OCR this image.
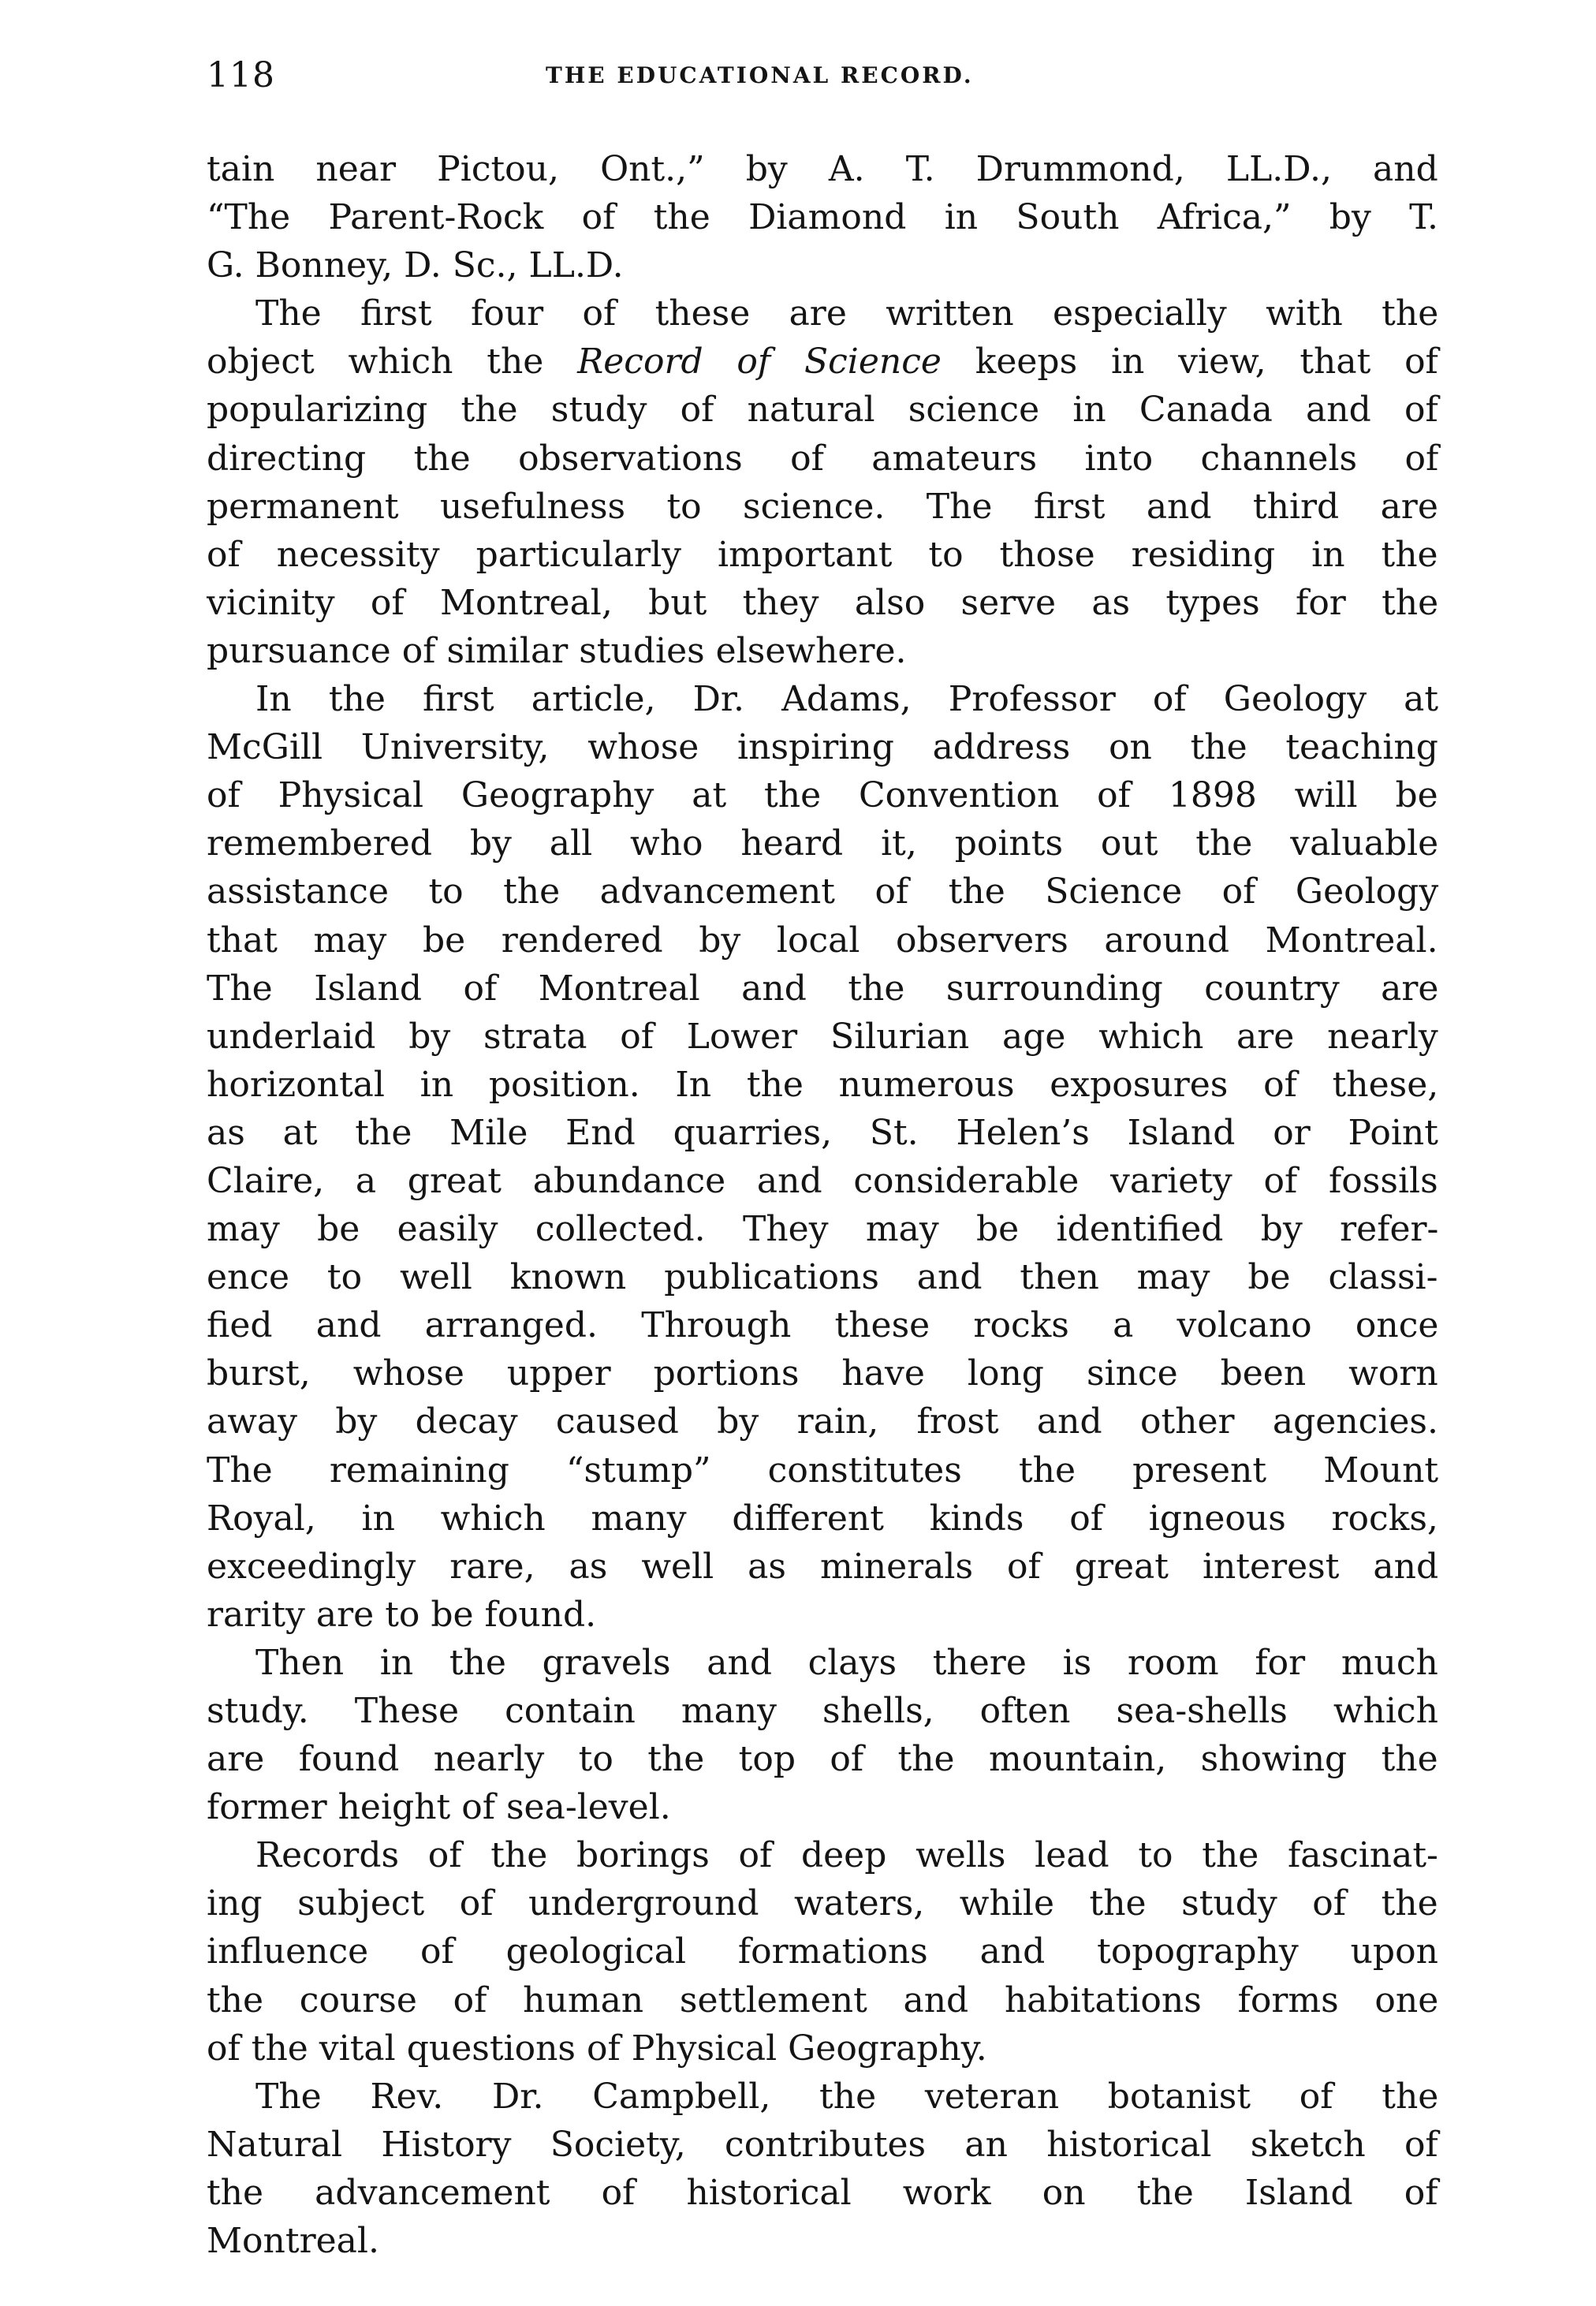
118	THE EDUCATIONAL RECORD.
tain near Pictou, Ont.,” by A. T. Drummond, LL.D., and
“The Parent-Rock of the Diamond in South Africa,” by T.
G. Bonney, D. Sc., LL.D.
The first four of these are written especially with the
object which the Record of Science keeps in view, that of
popularizing the study of natural science in Canada and of
directing the observations of amateurs into channels of
permanent usefulness to science. The first and third are
of necessity particularly important to those residing in the
vicinity of Montreal, but they also serve as types for the
pursuance of similar studies elsewhere.
In the first article, Dr. Adams, Professor of Geology at
McGill University, whose inspiring address on the teaching
of Physical Geography at the Convention of 1898 will be
remembered by all who heard it, points out the valuable
assistance to the advancement of the Science of Geology
that may be rendered by local observers around Montreal.
The Island of Montreal and the surrounding country are
underlaid by strata of Lower Silurian age which are nearly
horizontal in position. In the numerous exposures of these,
as at the Mile End quarries, St. Helen’s Island or Point
Claire, a great abundance and considerable variety of fossils
may be easily collected. They may be identified by refer-
ence to well known publications and then may be classi-
fied and arranged. Through these rocks a volcano once
burst, whose upper portions have long since been worn
away by decay caused by rain, frost and other agencies.
The remaining “stump” constitutes the present Mount
Royal, in which many different kinds of igneous rocks,
exceedingly rare, as well as minerals of great interest and
rarity are to be found.
Then in the gravels and clays there is room for much
study. These contain many shells, often sea-shells which
are found nearly to the top of the mountain, showing the
former height of sea-level.
Records of the borings of deep wells lead to the fascinat-
ing subject of underground waters, while the study of the
influence of geological formations and topography upon
the course of human settlement and habitations forms one
of the vital questions of Physical Geography.
The Rev. Dr. Campbell, the veteran botanist of the
Natural History Society, contributes an historical sketch of
the advancement of historical work on the Island of
Montreal.
